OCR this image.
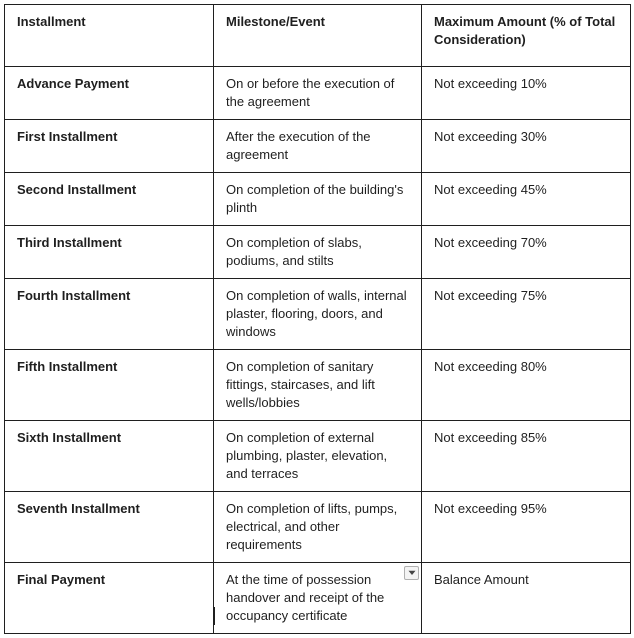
Installment	Milestone/Event	Maximum Amount (% of Total Consideration)
Advance Payment	On or before the execution of the agreement	Not exceeding 10%
First Installment	After the execution of the agreement	Not exceeding 30%
Second Installment	On completion of the building's plinth	Not exceeding 45%
Third Installment	On completion of slabs, podiums, and stilts	Not exceeding 70%
Fourth Installment	On completion of walls, internal plaster, flooring, doors, and windows	Not exceeding 75%
Fifth Installment	On completion of sanitary fittings, staircases, and lift wells/lobbies	Not exceeding 80%
Sixth Installment	On completion of external plumbing, plaster, elevation, and terraces	Not exceeding 85%
Seventh Installment	On completion of lifts, pumps, electrical, and other requirements	Not exceeding 95%
Final Payment	At the time of possession handover and receipt of the occupancy certificate	Balance Amount
